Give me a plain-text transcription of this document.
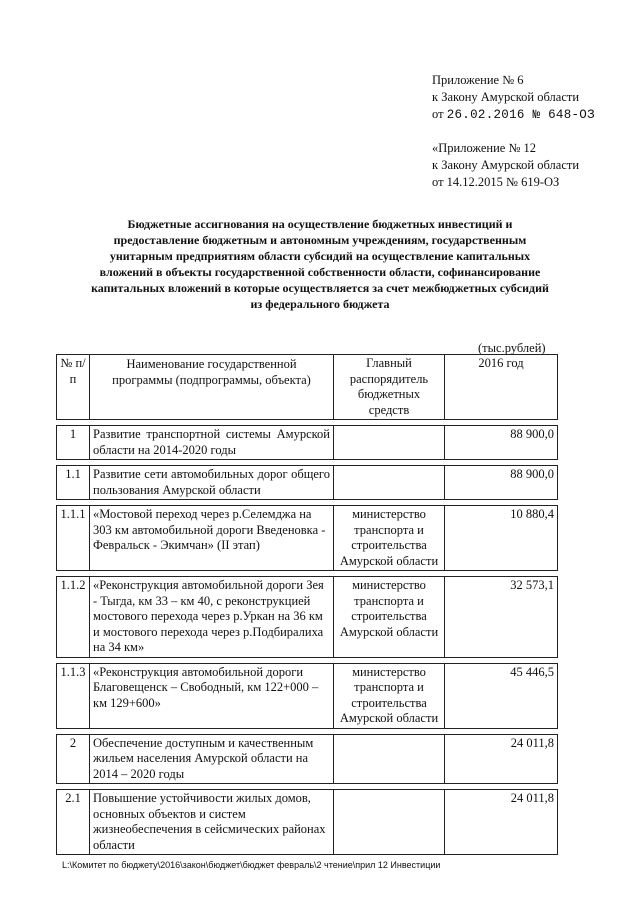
Приложение № 6
к Закону Амурской области
от 26.02.2016 № 648-ОЗ
«Приложение № 12
к Закону Амурской области
от 14.12.2015 № 619-ОЗ
Бюджетные ассигнования на осуществление бюджетных инвестиций и
предоставление бюджетным и автономным учреждениям, государственным
унитарным предприятиям области субсидий на осуществление капитальных
вложений в объекты государственной собственности области, софинансирование
капитальных вложений в которые осуществляется за счет межбюджетных субсидий
из федерального бюджета
(тыс.рублей)
№ п/п	Наименование государственной программы (подпрограммы, объекта)	Главный распорядитель бюджетных средств	2016 год

1	Развитие транспортной системы Амурской области на 2014-2020 годы		88 900,0

1.1	Развитие сети автомобильных дорог общего пользования Амурской области		88 900,0

1.1.1	«Мостовой переход через р.Селемджа на 303 км автомобильной дороги Введеновка - Февральск - Экимчан» (II этап)	министерство транспорта и строительства Амурской области	10 880,4

1.1.2	«Реконструкция автомобильной дороги Зея - Тыгда, км 33 – км 40, с реконструкцией мостового перехода через р.Уркан на 36 км и мостового перехода через р.Подбиралиха на 34 км»	министерство транспорта и строительства Амурской области	32 573,1

1.1.3	«Реконструкция автомобильной дороги Благовещенск – Свободный, км 122+000 – км 129+600»	министерство транспорта и строительства Амурской области	45 446,5

2	Обеспечение доступным и качественным жильем населения Амурской области на 2014 – 2020 годы		24 011,8

2.1	Повышение устойчивости жилых домов, основных объектов и систем жизнеобеспечения в сейсмических районах области		24 011,8
L:\Комитет по бюджету\2016\закон\бюджет\бюджет февраль\2 чтение\прил 12 Инвестиции
